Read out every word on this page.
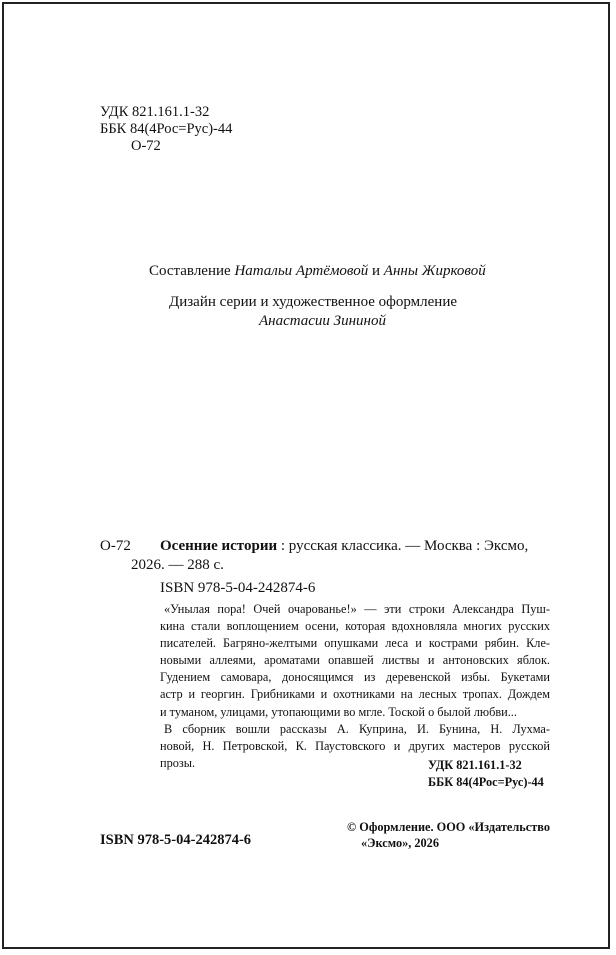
УДК 821.161.1-32
ББК 84(4Рос=Рус)-44
О-72
Составление Натальи Артёмовой и Анны Жирковой
Дизайн серии и художественное оформление
Анастасии Зининой
О-72 Осенние истории : русская классика. — Москва : Эксмо,
2026. — 288 с.
ISBN 978-5-04-242874-6
«Унылая пора! Очей очарованье!» — эти строки Александра Пуш-
кина стали воплощением осени, которая вдохновляла многих русских
писателей. Багряно-желтыми опушками леса и кострами рябин. Кле-
новыми аллеями, ароматами опавшей листвы и антоновских яблок.
Гудением самовара, доносящимся из деревенской избы. Букетами
астр и георгин. Грибниками и охотниками на лесных тропах. Дождем
и туманом, улицами, утопающими во мгле. Тоской о былой любви...
В сборник вошли рассказы А. Куприна, И. Бунина, Н. Лухма-
новой, Н. Петровской, К. Паустовского и других мастеров русской
прозы.	УДК 821.161.1-32
ББК 84(4Рос=Рус)-44
ISBN 978-5-04-242874-6
© Оформление. ООО «Издательство
«Эксмо», 2026
